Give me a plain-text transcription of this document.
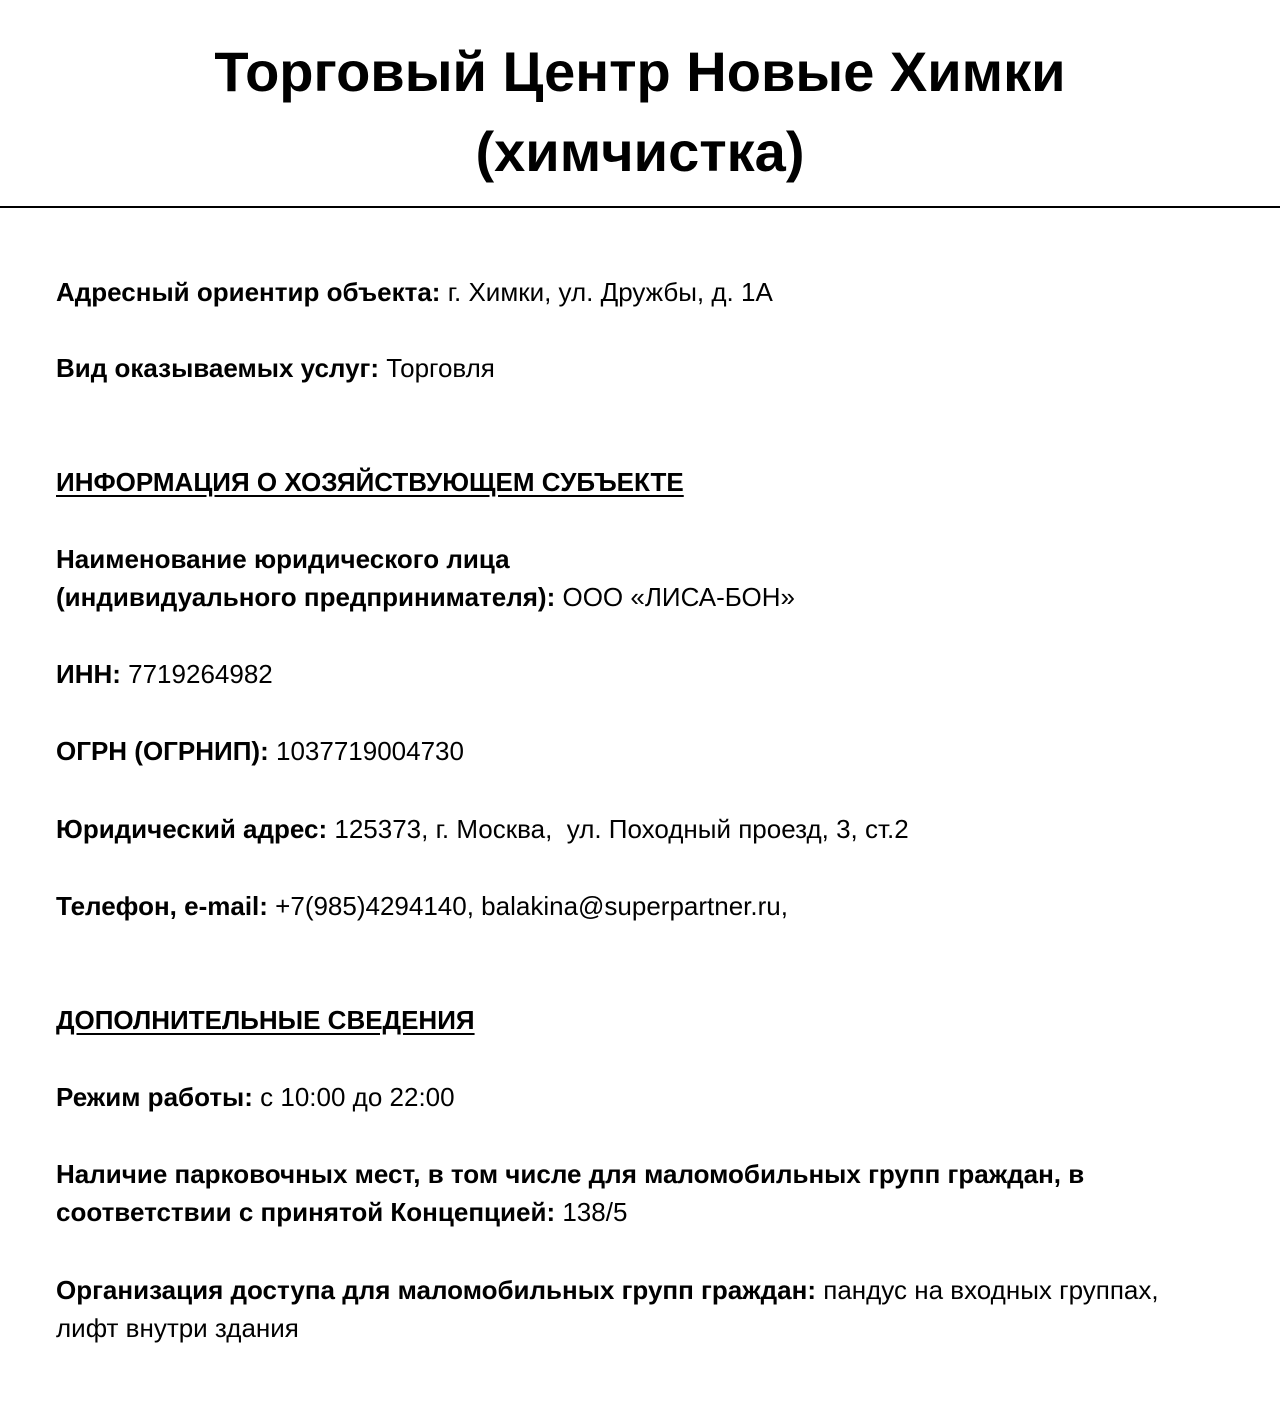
Торговый Центр Новые Химки
(химчистка)
Адресный ориентир объекта: г. Химки, ул. Дружбы, д. 1А
Вид оказываемых услуг: Торговля
ИНФОРМАЦИЯ О ХОЗЯЙСТВУЮЩЕМ СУБЪЕКТЕ
Наименование юридического лица
(индивидуального предпринимателя): ООО «ЛИСА-БОН»
ИНН: 7719264982
ОГРН (ОГРНИП): 1037719004730
Юридический адрес: 125373, г. Москва,  ул. Походный проезд, 3, ст.2
Телефон, e-mail: +7(985)4294140, balakina@superpartner.ru,
ДОПОЛНИТЕЛЬНЫЕ СВЕДЕНИЯ
Режим работы: с 10:00 до 22:00
Наличие парковочных мест, в том числе для маломобильных групп граждан, в соответствии с принятой Концепцией: 138/5
Организация доступа для маломобильных групп граждан: пандус на входных группах, лифт внутри здания
